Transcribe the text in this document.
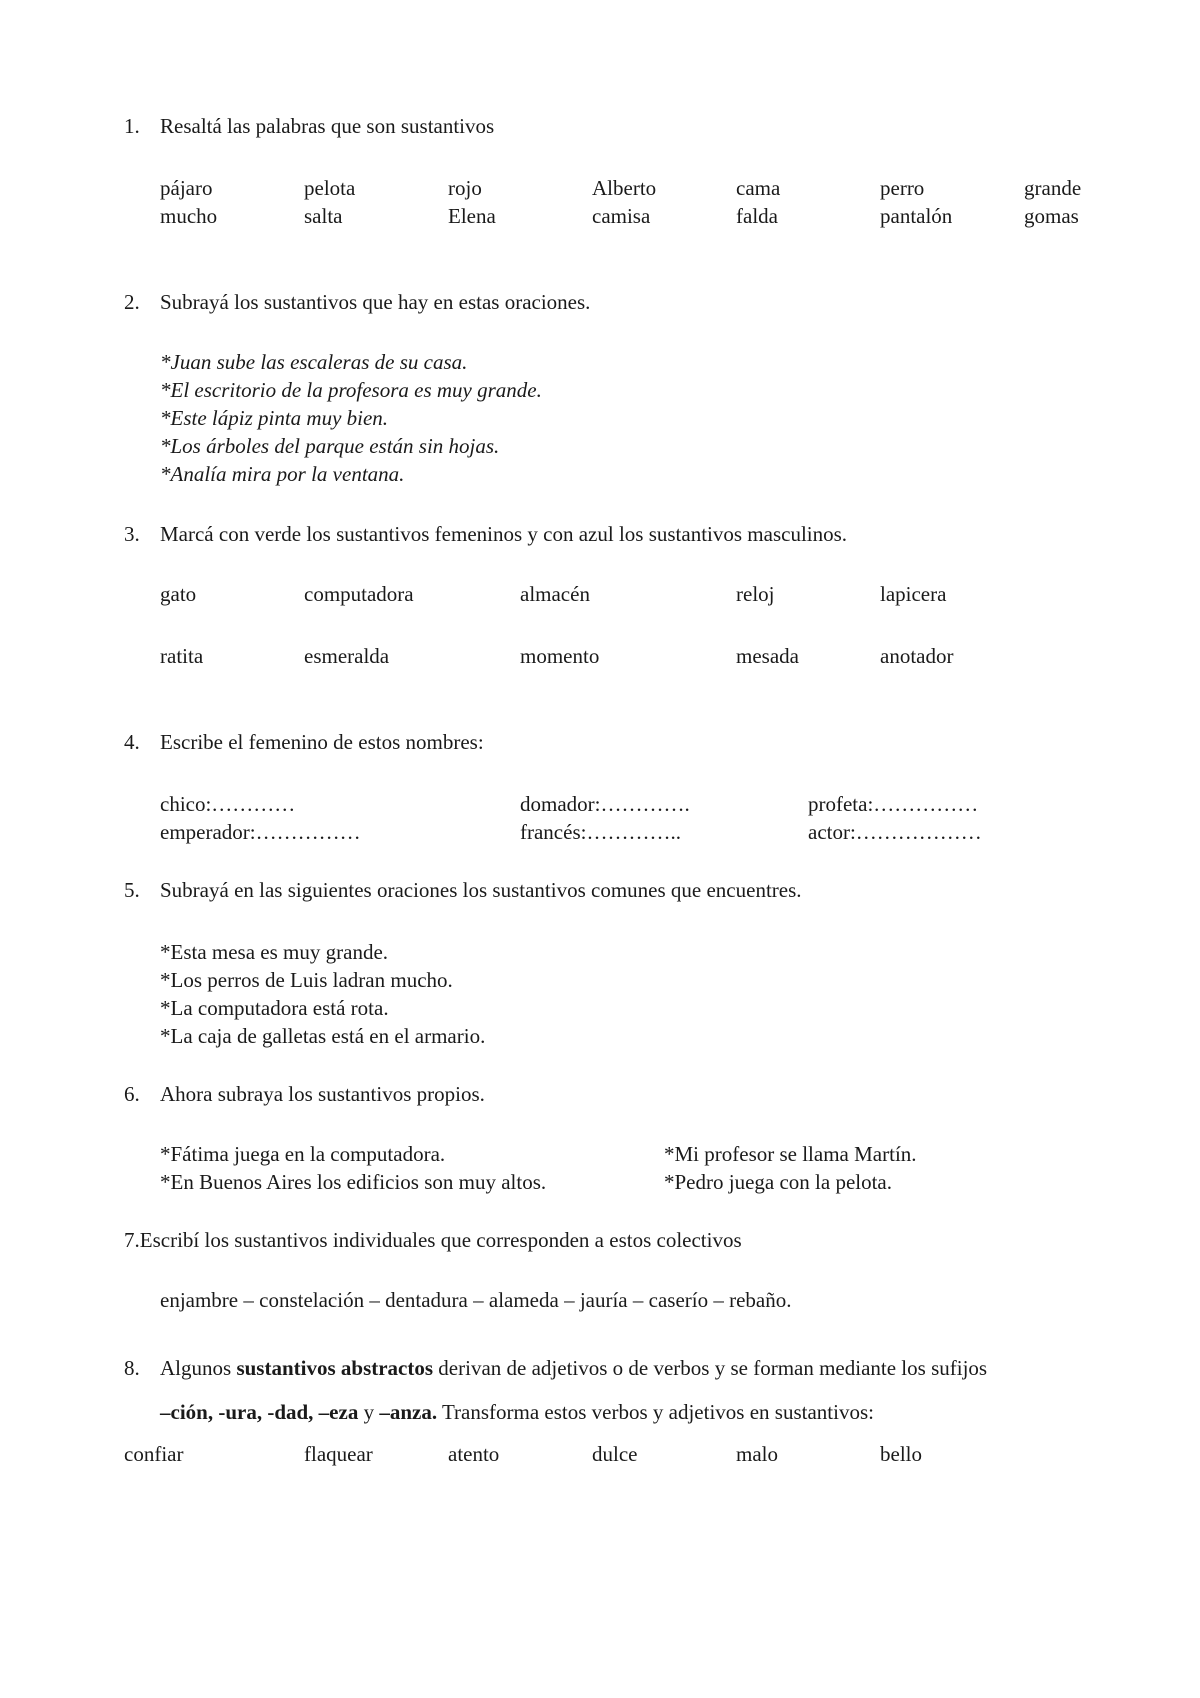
1. Resaltá las palabras que son sustantivos
pájaro	pelota	rojo	Alberto	cama	perro	grande
mucho	salta	Elena	camisa	falda	pantalón	gomas
2. Subrayá los sustantivos que hay en estas oraciones.
*Juan sube las escaleras de su casa.
*El escritorio de la profesora es muy grande.
*Este lápiz pinta muy bien.
*Los árboles del parque están sin hojas.
*Analía mira por la ventana.
3. Marcá con verde los sustantivos femeninos y con azul los sustantivos masculinos.
gato	computadora	almacén	reloj	lapicera
ratita	esmeralda	momento	mesada	anotador
4. Escribe el femenino de estos nombres:
chico:…………	domador:………….	profeta:……………
emperador:……………	francés:…………..	actor:………………
5. Subrayá en las siguientes oraciones los sustantivos comunes que encuentres.
*Esta mesa es muy grande.
*Los perros de Luis ladran mucho.
*La computadora está rota.
*La caja de galletas está en el armario.
6. Ahora subraya los sustantivos propios.
*Fátima juega en la computadora.
*En Buenos Aires los edificios son muy altos.
*Mi profesor se llama Martín.
*Pedro juega con la pelota.
7.Escribí los sustantivos individuales que corresponden a estos colectivos
enjambre – constelación – dentadura – alameda – jauría – caserío – rebaño.
8. Algunos sustantivos abstractos derivan de adjetivos o de verbos y se forman mediante los sufijos
–ción, -ura, -dad, –eza y –anza. Transforma estos verbos y adjetivos en sustantivos:
confiar	flaquear	atento	dulce	malo	bello
